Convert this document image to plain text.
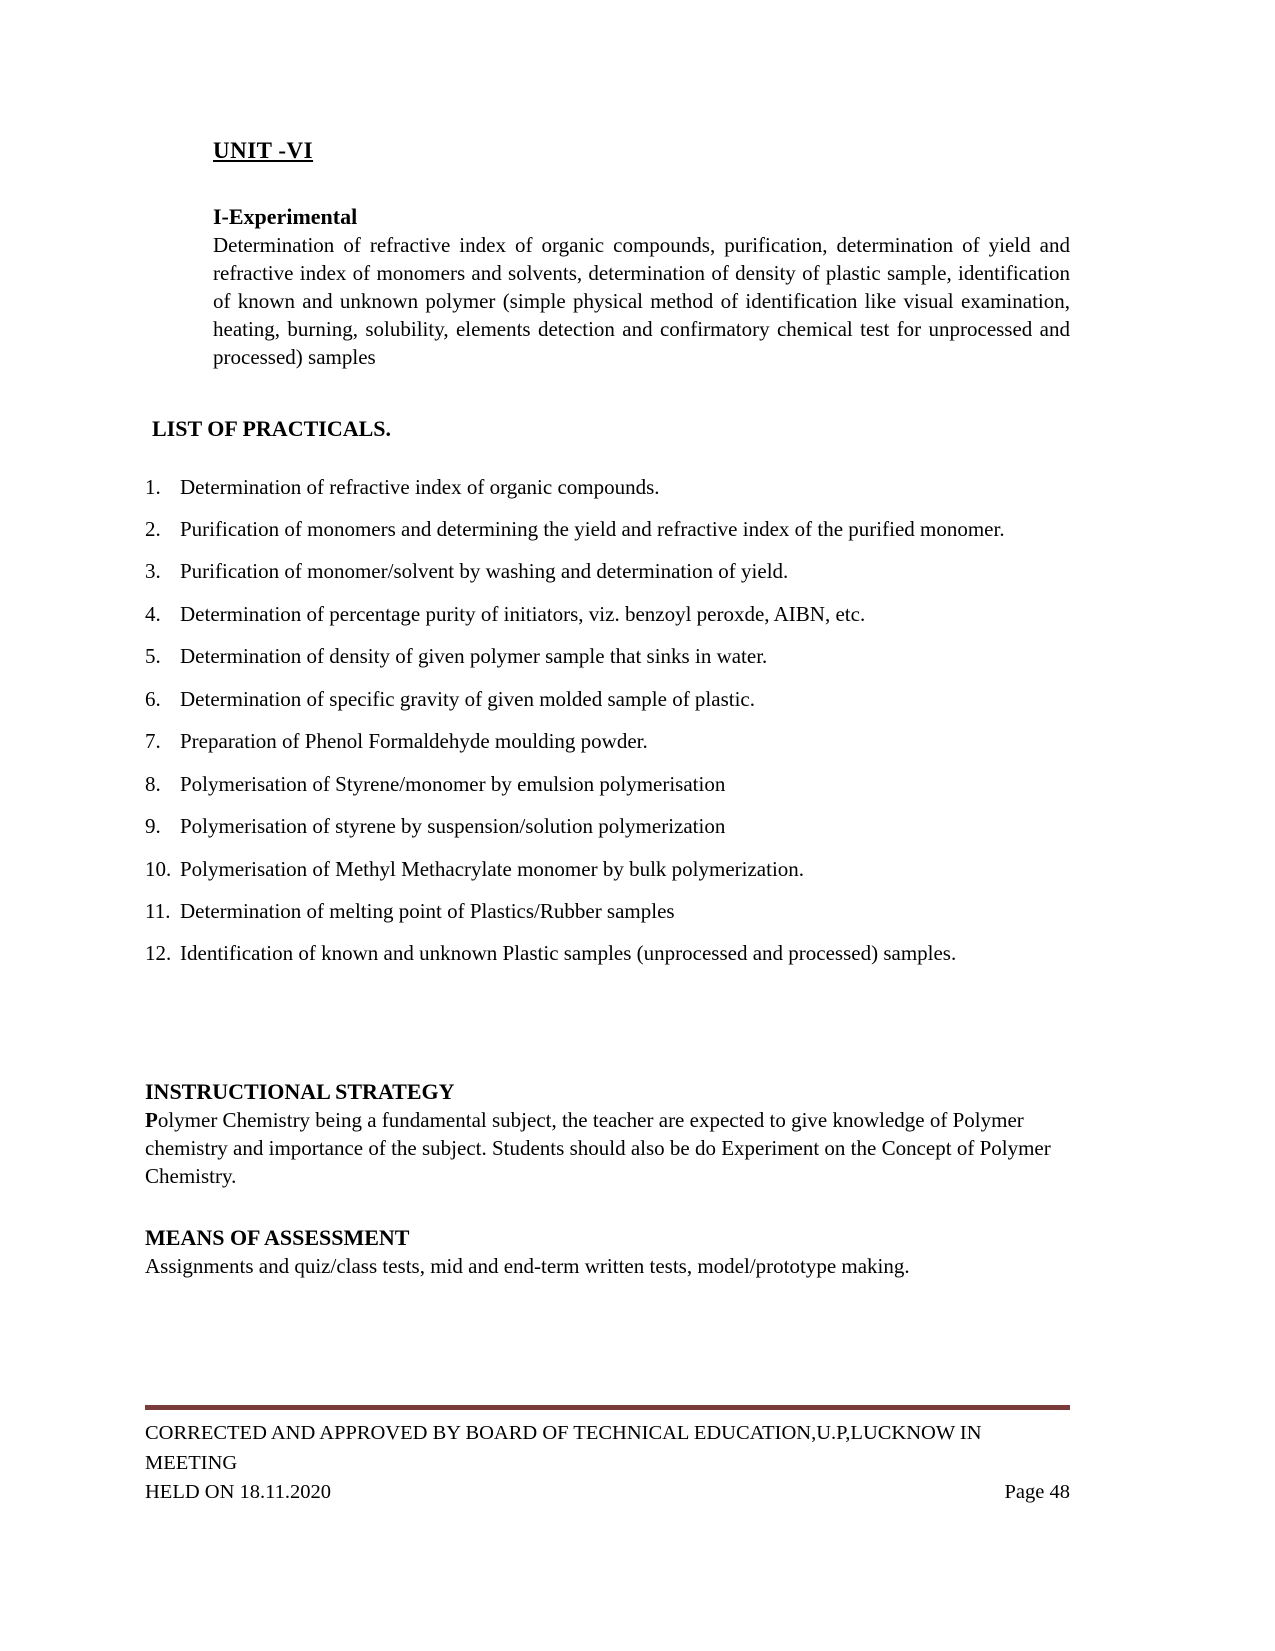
UNIT -VI
I-Experimental
Determination of refractive index of organic compounds, purification, determination of yield and refractive index of monomers and solvents, determination of density of plastic sample, identification of known and unknown polymer (simple physical method of identification like visual examination, heating, burning, solubility, elements detection and confirmatory chemical test for unprocessed and processed) samples
LIST OF PRACTICALS.
Determination of refractive index of organic compounds.
Purification of monomers and determining the yield and refractive index of the purified monomer.
Purification of monomer/solvent by washing and determination of yield.
Determination of percentage purity of initiators, viz. benzoyl peroxde, AIBN, etc.
Determination of density of given polymer sample that sinks in water.
Determination of specific gravity of given molded sample of plastic.
Preparation of Phenol Formaldehyde moulding powder.
Polymerisation of Styrene/monomer by emulsion polymerisation
Polymerisation of styrene by suspension/solution polymerization
Polymerisation of Methyl Methacrylate monomer by bulk polymerization.
Determination of melting point of Plastics/Rubber samples
Identification of known and unknown Plastic samples (unprocessed and processed) samples.
INSTRUCTIONAL STRATEGY
Polymer Chemistry being a fundamental subject, the teacher are expected to give knowledge of Polymer chemistry and importance of the subject. Students should also be do Experiment on the Concept of Polymer Chemistry.
MEANS OF ASSESSMENT
Assignments and quiz/class tests, mid and end-term written tests, model/prototype making.
CORRECTED AND APPROVED BY BOARD OF TECHNICAL EDUCATION,U.P,LUCKNOW IN MEETING
HELD ON 18.11.2020	Page 48
